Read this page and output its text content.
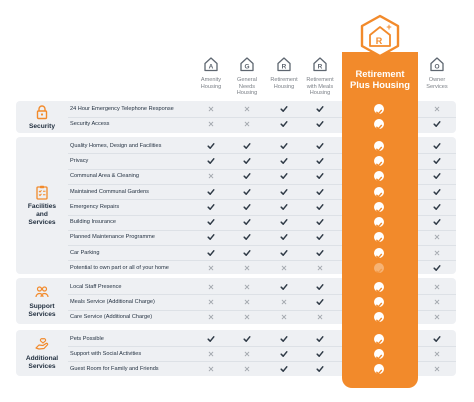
R
+
Retirement
Plus Housing
A
Amenity
Housing
G
General
Needs
Housing
R
Retirement
Housing
R
Retirement
with Meals
Housing
O
Owner
Services
Security
24 Hour Emergency Telephone Response
Security Access
Facilities
and
Services
Quality Homes, Design and Facilities
Privacy
Communal Area & Cleaning
Maintained Communal Gardens
Emergency Repairs
Building Insurance
Planned Maintenance Programme
Car Parking
Potential to own part or all of your home
Support
Services
Local Staff Presence
Meals Service (Additional Charge)
Care Service (Additional Charge)
Additional
Services
Pets Possible
Support with Social Activities
Guest Room for Family and Friends
